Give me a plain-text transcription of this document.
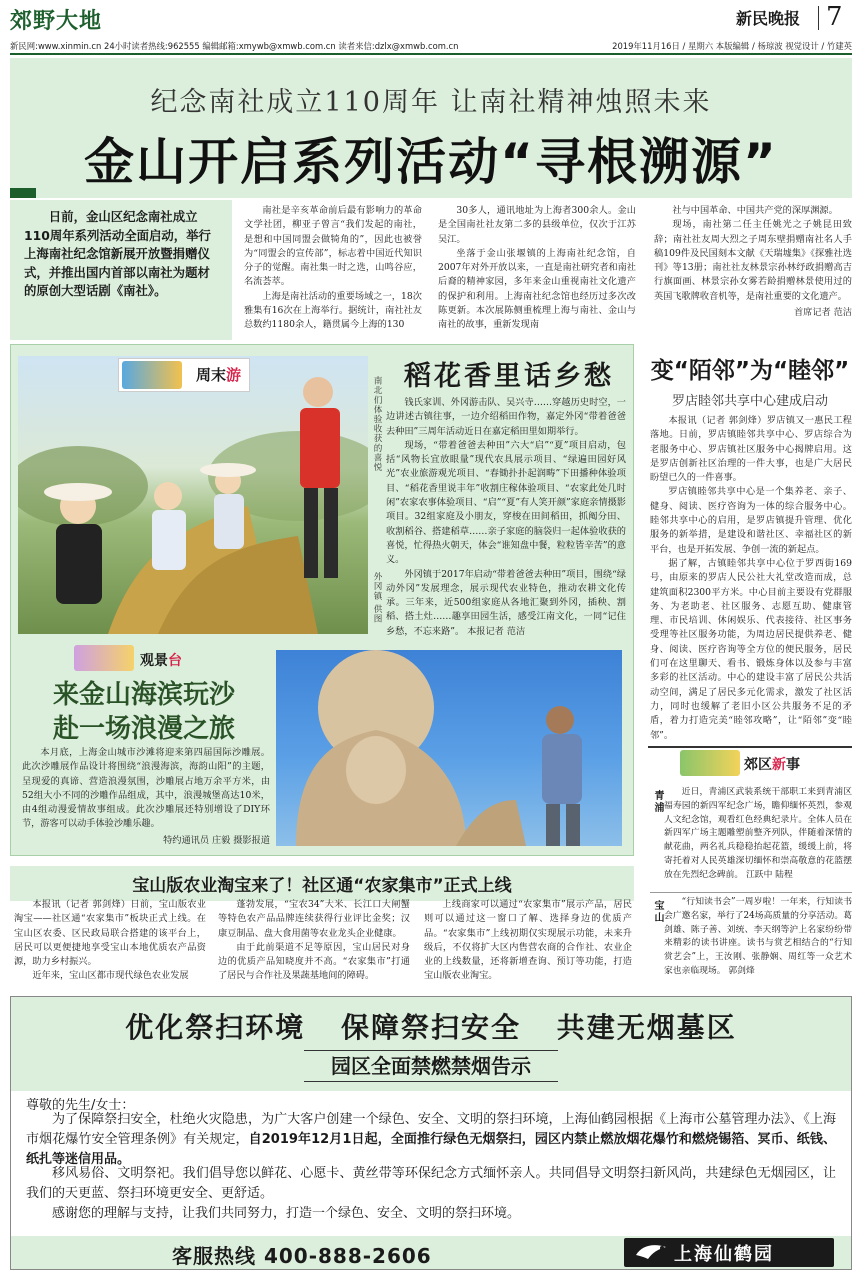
郊野大地	新民晚报 7
新民网:www.xinmin.cn 24小时读者热线:962555 编辑邮箱:xmywb@xmwb.com.cn 读者来信:dzlx@xmwb.com.cn	2019年11月16日 / 星期六 本版编辑 / 杨琼波 视觉设计 / 竹建英
纪念南社成立110周年 让南社精神烛照未来
金山开启系列活动“寻根溯源”
日前，金山区纪念南社成立110周年系列活动全面启动，举行上海南社纪念馆新展开放暨捐赠仪式，并推出国内首部以南社为题材的原创大型话剧《南社》。

南社是辛亥革命前后最有影响力的革命文学社团，柳亚子曾言“我们发起的南社，是想和中国同盟会做犄角的”，因此也被誉为“同盟会的宣传部”，标志着中国近代知识分子的觉醒。南社集一时之选，山鸣谷应，名流荟萃。

上海是南社活动的重要场域之一，18次雅集有16次在上海举行。据统计，南社社友总数约1180余人，籍贯属今上海的130

30多人，通讯地址为上海者300余人。金山是全国南社社友第二多的县级单位，仅次于江苏吴江。

坐落于金山张堰镇的上海南社纪念馆，自2007年对外开放以来，一直是南社研究者和南社后裔的精神家园，多年来金山重视南社文化遗产的保护和利用。上海南社纪念馆也经历过多次改陈更新。本次展陈侧重梳理上海与南社、金山与南社的故事，重新发现南

社与中国革命、中国共产党的深厚渊源。

现场，南社第二任主任姚光之子姚昆田致辞；南社社友周大烈之子周东壁捐赠南社名人手稿109件及民国刻本文献《天瑞墟集》《探雅社选刊》等13册；南社社友林景宗孙林纾政捐赠高吉行旗面画、林景宗孙女雾若龄捐赠林景使用过的英国飞歌牌收音机等，是南社重要的文化遗产。

首席记者 范洁

周末游
南北们体验收获的喜悦
外冈镇 供图
稻花香里话乡愁

钱氏家训、外冈游击队、吴兴寺……穿越历史时空，一边讲述古镇往事，一边介绍稻田作物，嘉定外冈“带着爸爸去种田”三周年活动近日在嘉定稻田里如期举行。

现场，“带着爸爸去种田”六大“启”“夏”项目启动，包括“风物长宜放眼量”现代农具展示项目、“绿遍田园好风光”农业旅游观光项目、“春锄扑扑起润畴”下田播种体验项目、“稻花香里说丰年”收割庄稼体验项目、“农家此处几时闲”农家农事体验项目、“启”“夏”有人笑开颜”家庭亲情摄影项目。32组家庭及小朋友，穿梭在田间稻田，抓阄分田、收割稻谷、搭建稻草……亲子家庭的脑袋归一起体验收获的喜悦，忙得热火朝天，体会“谁知盘中餐，粒粒皆辛苦”的意义。

外冈镇于2017年启动“带着爸爸去种田”项目，围绕“绿动外冈”发展理念，展示现代农业特色，推动农耕文化传承。三年来，近500组家庭从各地汇聚到外冈，插秧、割稻、搭土灶……趣享田园生活，感受江南文化，一同“记住乡愁，不忘来路”。 本报记者 范洁

观景台
来金山海滨玩沙
赴一场浪漫之旅

本月底，上海金山城市沙滩将迎来第四届国际沙雕展。此次沙雕展作品设计将围绕“浪漫海滨，海韵山阳”的主题，呈现爱的真谛、营造浪漫氛围，沙雕展占地万余平方米，由52组大小不同的沙雕作品组成，其中，浪漫城堡高达10米，由4组动漫爱情故事组成。此次沙雕展还特别增设了DIY环节，游客可以动手体验沙雕乐趣。

特约通讯员 庄毅 摄影报道

变“陌邻”为“睦邻”
罗店睦邻共享中心建成启动

本报讯（记者 郭剑烽）罗店镇又一惠民工程落地。日前，罗店镇睦邻共享中心、罗店综合为老服务中心、罗店镇社区服务中心揭牌启用。这是罗店创新社区治理的一件大事，也是广大居民盼望已久的一件喜事。

罗店镇睦邻共享中心是一个集养老、亲子、健身、阅读、医疗咨询为一体的综合服务中心。睦邻共享中心的启用，是罗店镇提升管理、优化服务的新举措，是建设和谐社区、幸福社区的新平台，也是开拓发展、争创一流的新起点。

据了解，古镇睦邻共享中心位于罗西街169号，由原来的罗店人民公社大礼堂改造而成，总建筑面积2300平方米。中心目前主要设有党群服务、为老助老、社区服务、志愿互助、健康管理、市民培训、休闲娱乐、代表接待、社区事务受理等社区服务功能，为周边居民提供养老、健身、阅读、医疗咨询等全方位的便民服务，居民们可在这里聊天、看书、锻炼身体以及参与丰富多彩的社区活动。中心的建设丰富了居民公共活动空间，满足了居民多元化需求，激发了社区活力，同时也缓解了老旧小区公共服务不足的矛盾，着力打造完美“睦邻攻略”，让“陌邻”变“睦邻”。

郊区新事
青浦	近日，青浦区武装系统干部职工来到青浦区福寿园的新四军纪念广场，瞻仰缅怀英烈，参观人文纪念馆，观看红色经典纪录片。全体人员在新四军广场主题雕塑前整齐列队，伴随着深情的献花曲，两名礼兵稳稳抬起花篮，缓缓上前，将寄托着对人民英雄深切缅怀和崇高敬意的花篮摆放在先烈纪念碑前。 江跃中 陆程
宝山	“行知读书会”一周岁啦！一年来，行知读书会广邀名家，举行了24场高质量的分享活动。葛剑雄、陈子善、刘统、李天纲等沪上名家纷纷带来精彩的读书讲座。读书与赏艺相结合的“行知赏艺会”上，王汝刚、张静娴、周红等一众艺术家也亲临现场。 郭剑烽
宝山版农业淘宝来了！社区通“农家集市”正式上线

本报讯（记者 郭剑烽）日前，宝山版农业淘宝——社区通“农家集市”板块正式上线。在宝山区农委、区民政局联合搭建的该平台上，居民可以更便捷地享受宝山本地优质农产品资源，助力乡村振兴。

近年来，宝山区都市现代绿色农业发展

蓬勃发展，“宝农34”大米、长江口大闸蟹等特色农产品品牌连续获得行业评比金奖；汉康豆制品、盘大食用菌等农业龙头企业健康。

由于此前渠道不足等原因，宝山居民对身边的优质产品知晓度并不高。“农家集市”打通了居民与合作社及果蔬基地间的障碍。

上线商家可以通过“农家集市”展示产品，居民则可以通过这一窗口了解、选择身边的优质产品。“农家集市”上线初期仅实现展示功能，未来升级后，不仅将扩大区内售营农商的合作社、农业企业的上线数量，还将新增查询、预订等功能，打造宝山版农业淘宝。

优化祭扫环境 保障祭扫安全 共建无烟墓区
园区全面禁燃禁烟告示
尊敬的先生/女士：
为了保障祭扫安全，杜绝火灾隐患，为广大客户创建一个绿色、安全、文明的祭扫环境，上海仙鹤园根据《上海市公墓管理办法》、《上海市烟花爆竹安全管理条例》有关规定，自2019年12月1日起，全面推行绿色无烟祭扫，园区内禁止燃放烟花爆竹和燃烧锡箔、冥币、纸钱、纸扎等迷信用品。
移风易俗、文明祭祀。我们倡导您以鲜花、心愿卡、黄丝带等环保纪念方式缅怀亲人。共同倡导文明祭扫新风尚，共建绿色无烟园区，让我们的天更蓝、祭扫环境更安全、更舒适。
感谢您的理解与支持，让我们共同努力，打造一个绿色、安全、文明的祭扫环境。
客服热线 400-888-2606	上海仙鹤园
